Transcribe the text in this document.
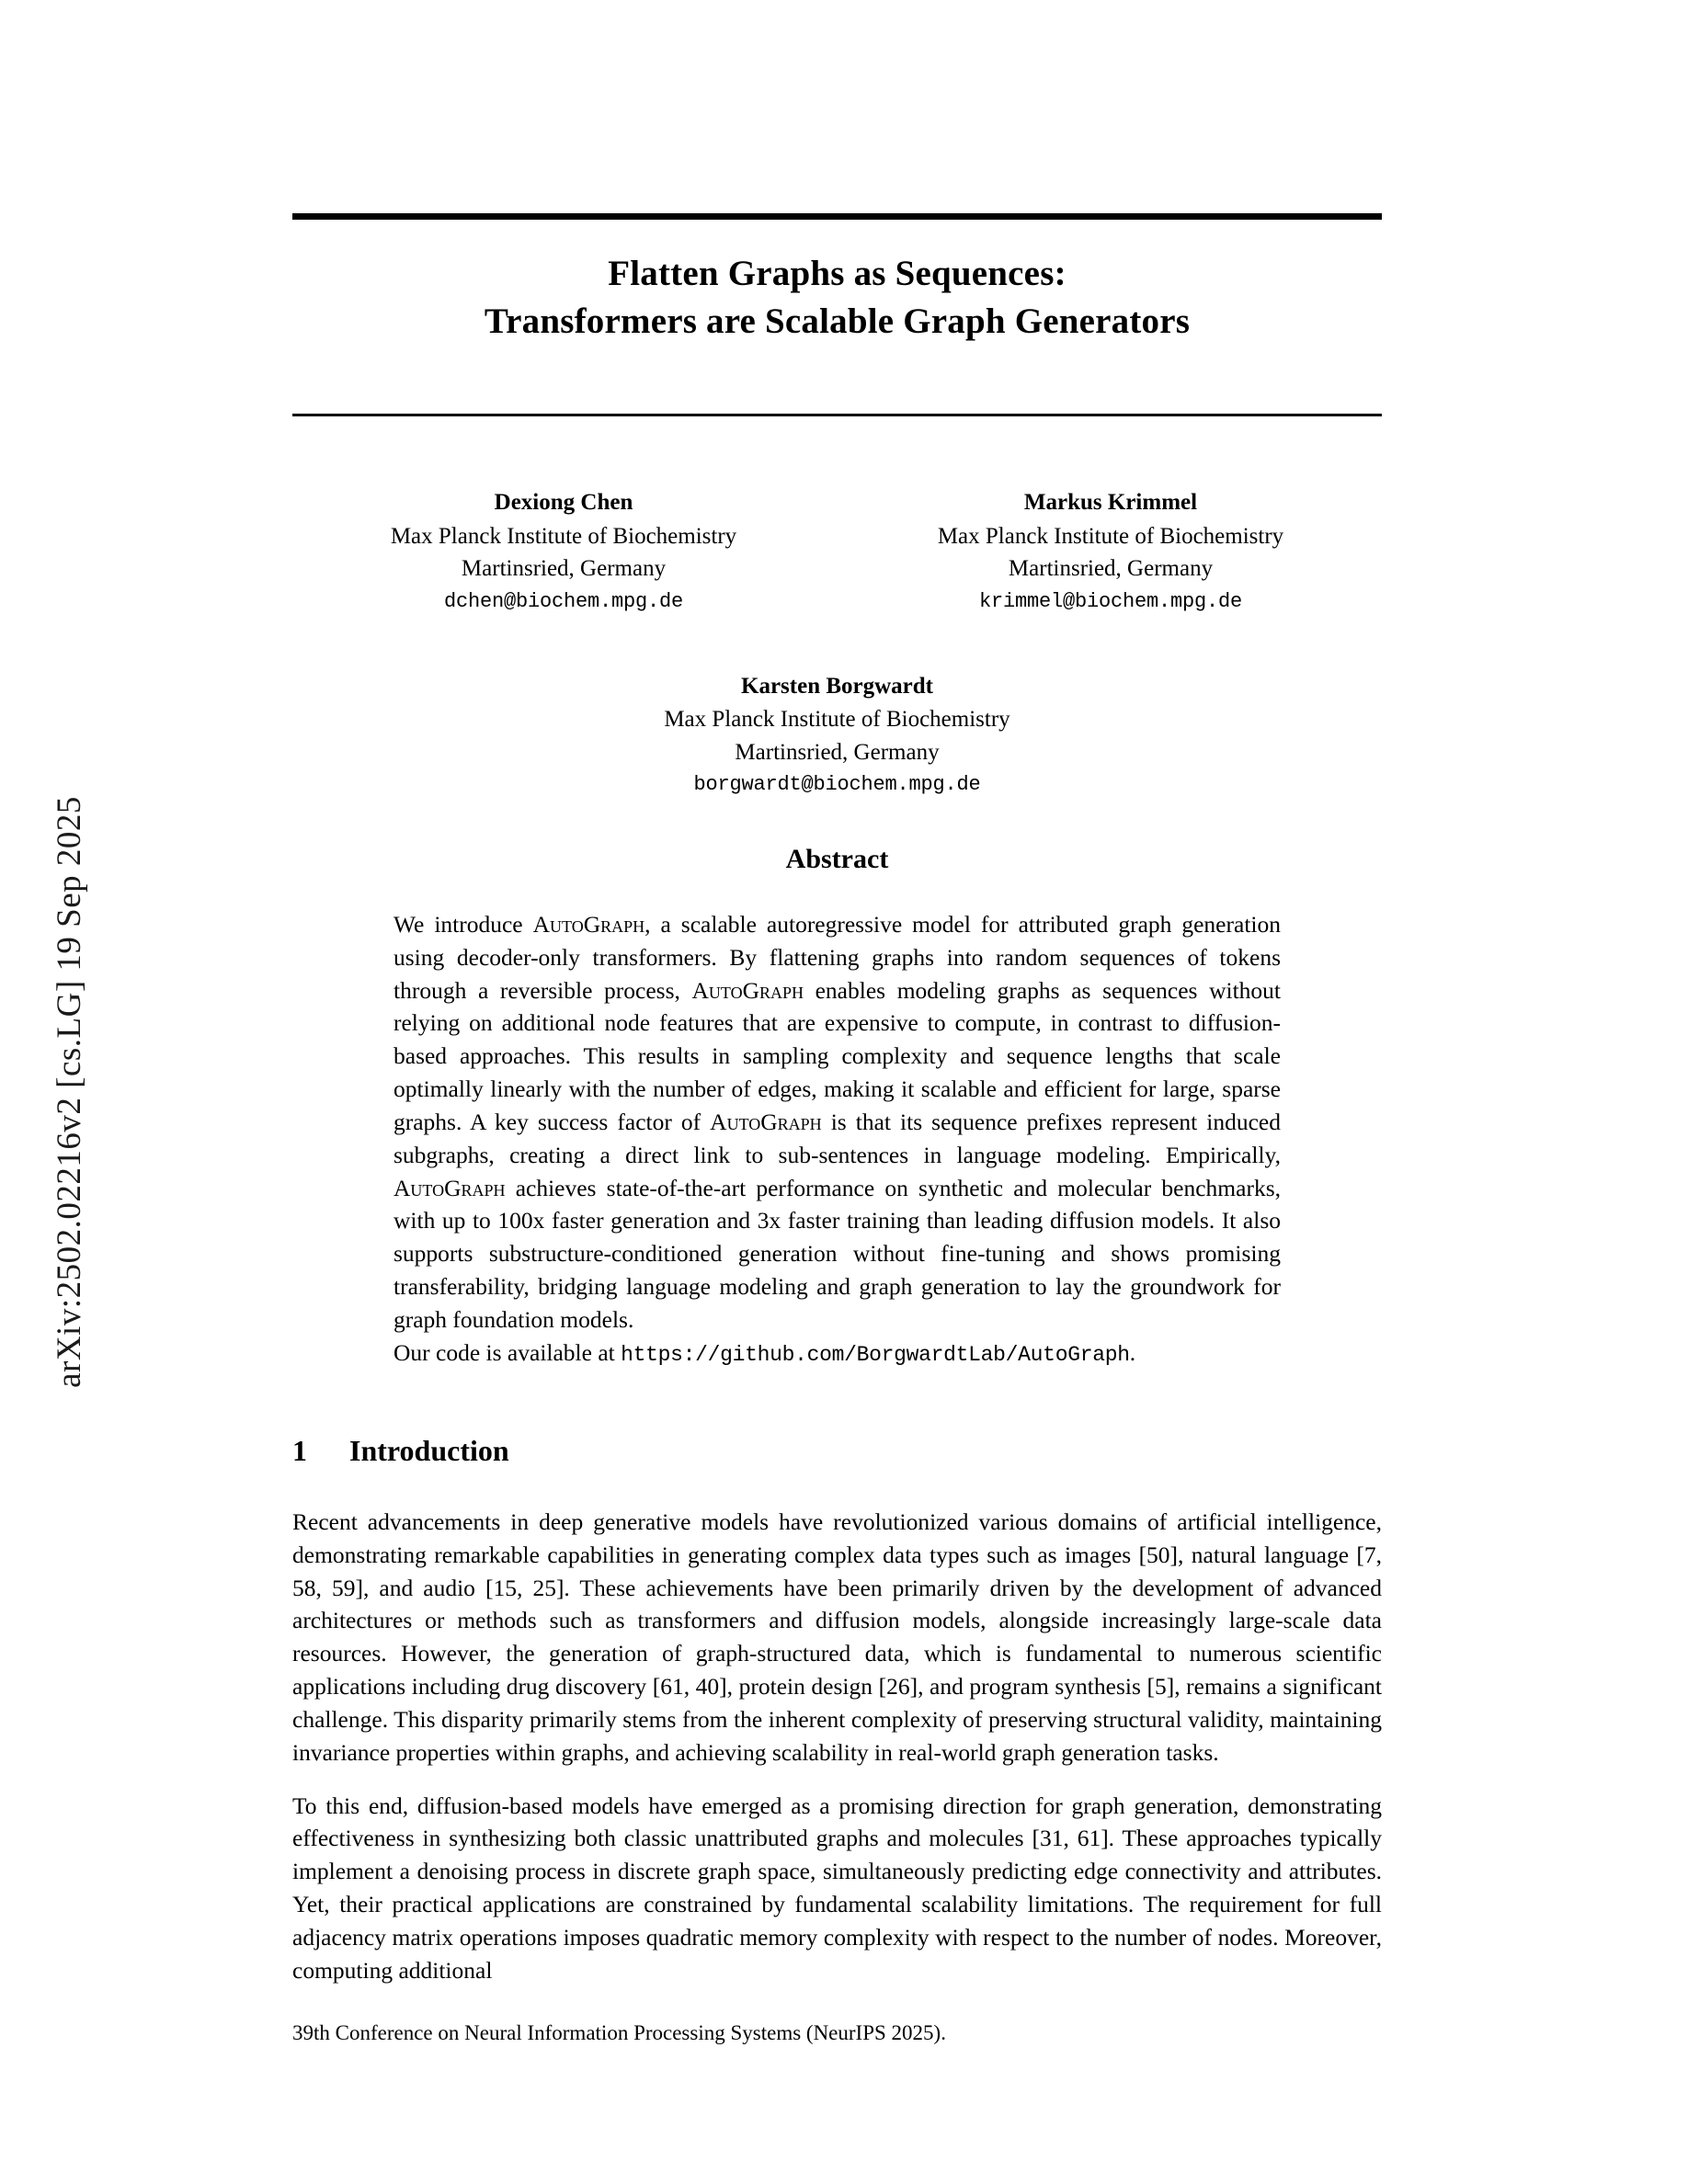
arXiv:2502.02216v2 [cs.LG] 19 Sep 2025
Flatten Graphs as Sequences:
Transformers are Scalable Graph Generators
Dexiong Chen
Max Planck Institute of Biochemistry
Martinsried, Germany
dchen@biochem.mpg.de
Markus Krimmel
Max Planck Institute of Biochemistry
Martinsried, Germany
krimmel@biochem.mpg.de
Karsten Borgwardt
Max Planck Institute of Biochemistry
Martinsried, Germany
borgwardt@biochem.mpg.de
Abstract

We introduce AutoGraph, a scalable autoregressive model for attributed graph generation using decoder-only transformers. By flattening graphs into random sequences of tokens through a reversible process, AutoGraph enables modeling graphs as sequences without relying on additional node features that are expensive to compute, in contrast to diffusion-based approaches. This results in sampling complexity and sequence lengths that scale optimally linearly with the number of edges, making it scalable and efficient for large, sparse graphs. A key success factor of AutoGraph is that its sequence prefixes represent induced subgraphs, creating a direct link to sub-sentences in language modeling. Empirically, AutoGraph achieves state-of-the-art performance on synthetic and molecular benchmarks, with up to 100x faster generation and 3x faster training than leading diffusion models. It also supports substructure-conditioned generation without fine-tuning and shows promising transferability, bridging language modeling and graph generation to lay the groundwork for graph foundation models.

Our code is available at https://github.com/BorgwardtLab/AutoGraph.

1 Introduction

Recent advancements in deep generative models have revolutionized various domains of artificial intelligence, demonstrating remarkable capabilities in generating complex data types such as images [50], natural language [7, 58, 59], and audio [15, 25]. These achievements have been primarily driven by the development of advanced architectures or methods such as transformers and diffusion models, alongside increasingly large-scale data resources. However, the generation of graph-structured data, which is fundamental to numerous scientific applications including drug discovery [61, 40], protein design [26], and program synthesis [5], remains a significant challenge. This disparity primarily stems from the inherent complexity of preserving structural validity, maintaining invariance properties within graphs, and achieving scalability in real-world graph generation tasks.

To this end, diffusion-based models have emerged as a promising direction for graph generation, demonstrating effectiveness in synthesizing both classic unattributed graphs and molecules [31, 61]. These approaches typically implement a denoising process in discrete graph space, simultaneously predicting edge connectivity and attributes. Yet, their practical applications are constrained by fundamental scalability limitations. The requirement for full adjacency matrix operations imposes quadratic memory complexity with respect to the number of nodes. Moreover, computing additional

39th Conference on Neural Information Processing Systems (NeurIPS 2025).
